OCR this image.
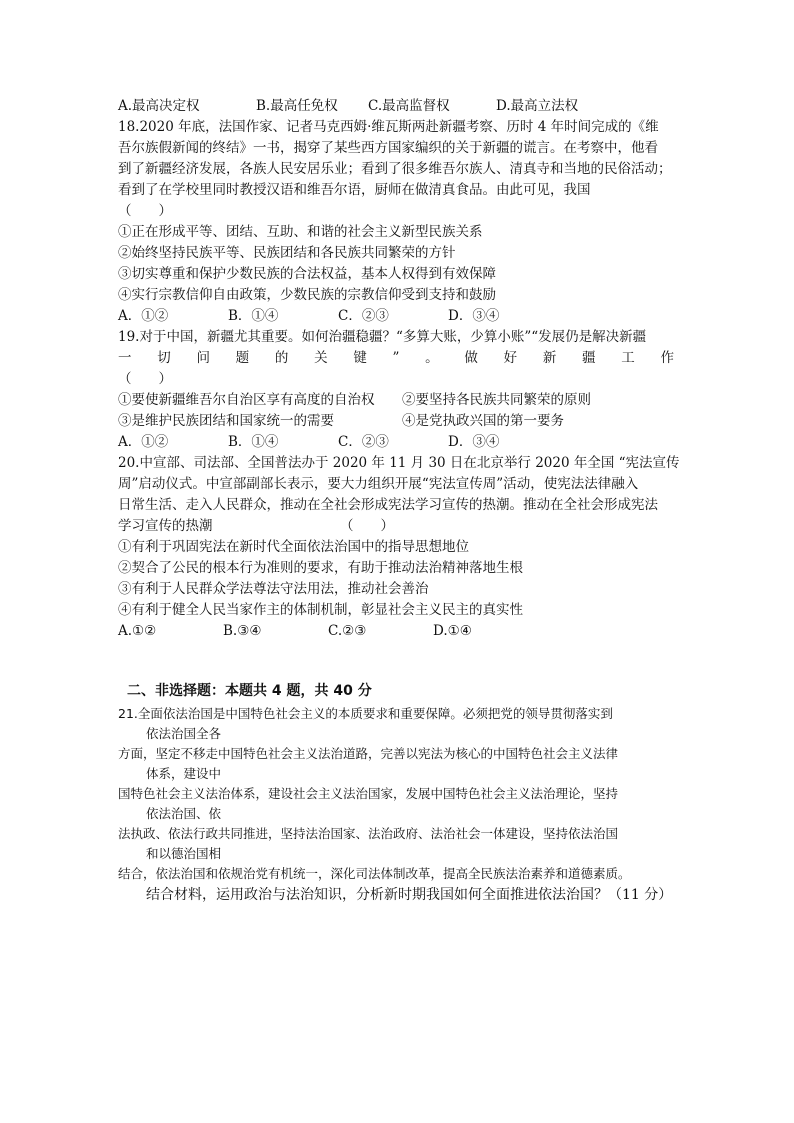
A.最高决定权	B.最高任免权 C.最高监督权	D.最高立法权
18.2020 年底，法国作家、记者马克西姆·维瓦斯两赴新疆考察、历时 4 年时间完成的《维
吾尔族假新闻的终结》一书，揭穿了某些西方国家编织的关于新疆的谎言。在考察中，他看
到了新疆经济发展，各族人民安居乐业；看到了很多维吾尔族人、清真寺和当地的民俗活动；
看到了在学校里同时教授汉语和维吾尔语，厨师在做清真食品。由此可见，我国
（　　）
①正在形成平等、团结、互助、和谐的社会主义新型民族关系
②始终坚持民族平等、民族团结和各民族共同繁荣的方针
③切实尊重和保护少数民族的合法权益，基本人权得到有效保障
④实行宗教信仰自由政策，少数民族的宗教信仰受到支持和鼓励
A．①②	B．①④	C．②③	D．③④
19.对于中国，新疆尤其重要。如何治疆稳疆？“多算大账，少算小账”“发展仍是解决新疆
一 切 问 题 的 关 键 ” 。 做 好 新 疆 工 作
（　　）
①要使新疆维吾尔自治区享有高度的自治权 ②要坚持各民族共同繁荣的原则
③是维护民族团结和国家统一的需要	④是党执政兴国的第一要务
A．①②	B．①④	C．②③	D．③④
20.中宣部、司法部、全国普法办于 2020 年 11 月 30 日在北京举行 2020 年全国 “宪法宣传
周”启动仪式。中宣部副部长表示，要大力组织开展“宪法宣传周”活动，使宪法法律融入
日常生活、走入人民群众，推动在全社会形成宪法学习宣传的热潮。推动在全社会形成宪法
学习宣传的热潮	（　　）
①有利于巩固宪法在新时代全面依法治国中的指导思想地位
②契合了公民的根本行为准则的要求，有助于推动法治精神落地生根
③有利于人民群众学法尊法守法用法，推动社会善治
④有利于健全人民当家作主的体制机制，彰显社会主义民主的真实性
A.①②	B.③④	C.②③	D.①④
二、非选择题：本题共 4 题，共 40 分
21.全面依法治国是中国特色社会主义的本质要求和重要保障。必须把党的领导贯彻落实到
依法治国全各
方面，坚定不移走中国特色社会主义法治道路，完善以宪法为核心的中国特色社会主义法律
体系，建设中
国特色社会主义法治体系，建设社会主义法治国家，发展中国特色社会主义法治理论，坚持
依法治国、依
法执政、依法行政共同推进，坚持法治国家、法治政府、法治社会一体建设，坚持依法治国
和以德治国相
结合，依法治国和依规治党有机统一，深化司法体制改革，提高全民族法治素养和道德素质。
结合材料，运用政治与法治知识，分析新时期我国如何全面推进依法治国？（11 分）
